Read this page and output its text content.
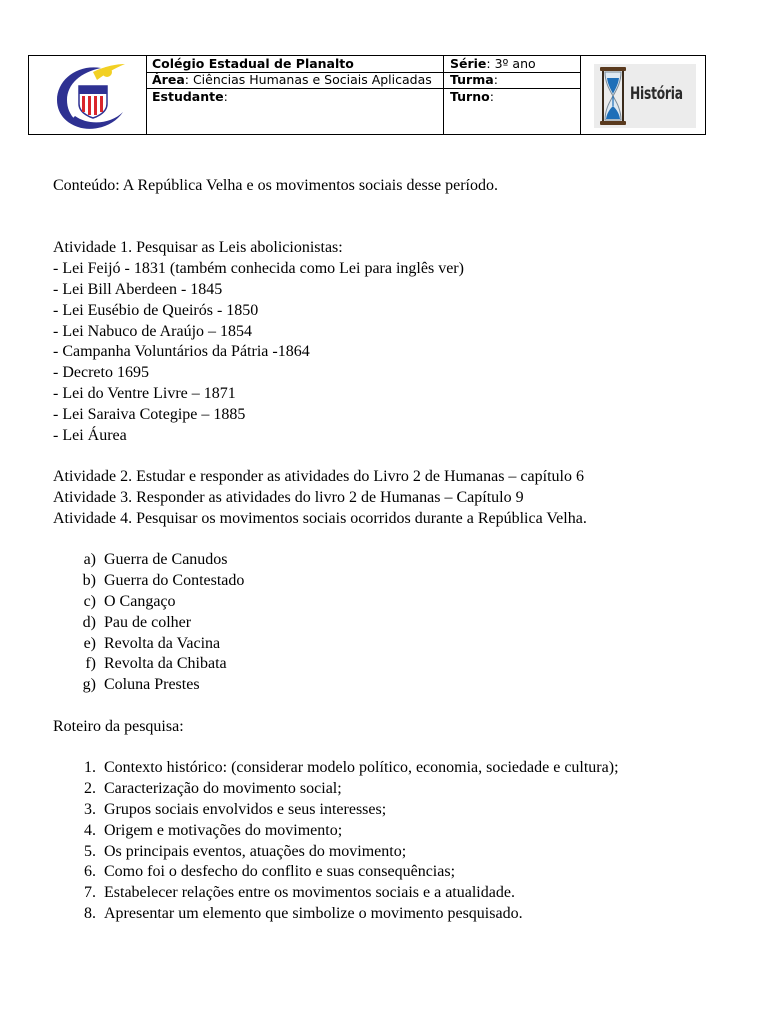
Colégio Estadual de Planalto
Área: Ciências Humanas e Sociais Aplicadas
Estudante:
Série: 3º ano
Turma:
Turno:	História
Conteúdo: A República Velha e os movimentos sociais desse período.
Atividade 1. Pesquisar as Leis abolicionistas:
- Lei Feijó - 1831 (também conhecida como Lei para inglês ver)
- Lei Bill Aberdeen - 1845
- Lei Eusébio de Queirós - 1850
- Lei Nabuco de Araújo – 1854
- Campanha Voluntários da Pátria -1864
- Decreto 1695
- Lei do Ventre Livre – 1871
- Lei Saraiva Cotegipe – 1885
- Lei Áurea
Atividade 2. Estudar e responder as atividades do Livro 2 de Humanas – capítulo 6
Atividade 3. Responder as atividades do livro 2 de Humanas – Capítulo 9
Atividade 4. Pesquisar os movimentos sociais ocorridos durante a República Velha.
a) Guerra de Canudos
b) Guerra do Contestado
c) O Cangaço
d) Pau de colher
e) Revolta da Vacina
f) Revolta da Chibata
g) Coluna Prestes
Roteiro da pesquisa:
1. Contexto histórico: (considerar modelo político, economia, sociedade e cultura);
2. Caracterização do movimento social;
3. Grupos sociais envolvidos e seus interesses;
4. Origem e motivações do movimento;
5. Os principais eventos, atuações do movimento;
6. Como foi o desfecho do conflito e suas consequências;
7. Estabelecer relações entre os movimentos sociais e a atualidade.
8. Apresentar um elemento que simbolize o movimento pesquisado.
